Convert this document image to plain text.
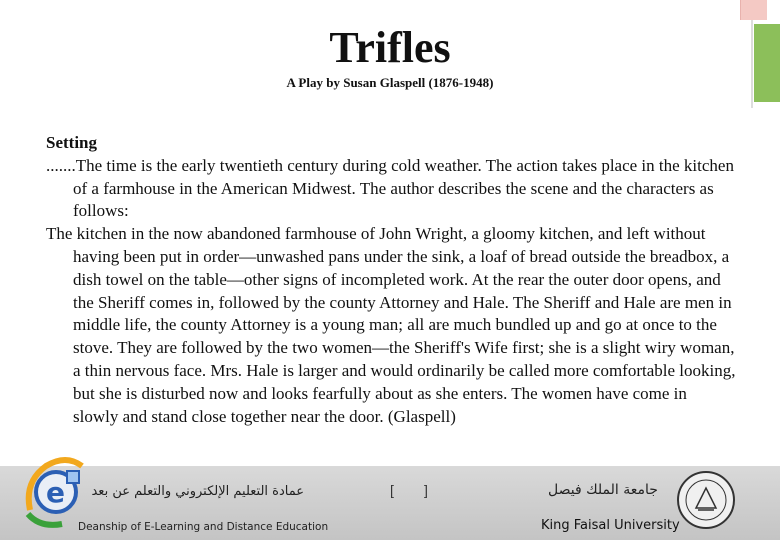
Trifles
A Play by Susan Glaspell (1876-1948)

Setting

.......The time is the early twentieth century during cold weather. The action takes place in the kitchen of a farmhouse in the American Midwest. The author describes the scene and the characters as follows:

The kitchen in the now abandoned farmhouse of John Wright, a gloomy kitchen, and left without having been put in order—unwashed pans under the sink, a loaf of bread outside the breadbox, a dish towel on the table—other signs of incompleted work. At the rear the outer door opens, and the Sheriff comes in, followed by the county Attorney and Hale. The Sheriff and Hale are men in middle life, the county Attorney is a young man; all are much bundled up and go at once to the stove. They are followed by the two women—the Sheriff's Wife first; she is a slight wiry woman, a thin nervous face. Mrs. Hale is larger and would ordinarily be called more comfortable looking, but she is disturbed now and looks fearfully about as she enters. The women have come in slowly and stand close together near the door. (Glaspell)

عمادة التعليم الإلكتروني والتعلم عن بعد
Deanship of E-Learning and Distance Education
[ ]	جامعة الملك فيصل
King Faisal University
e
